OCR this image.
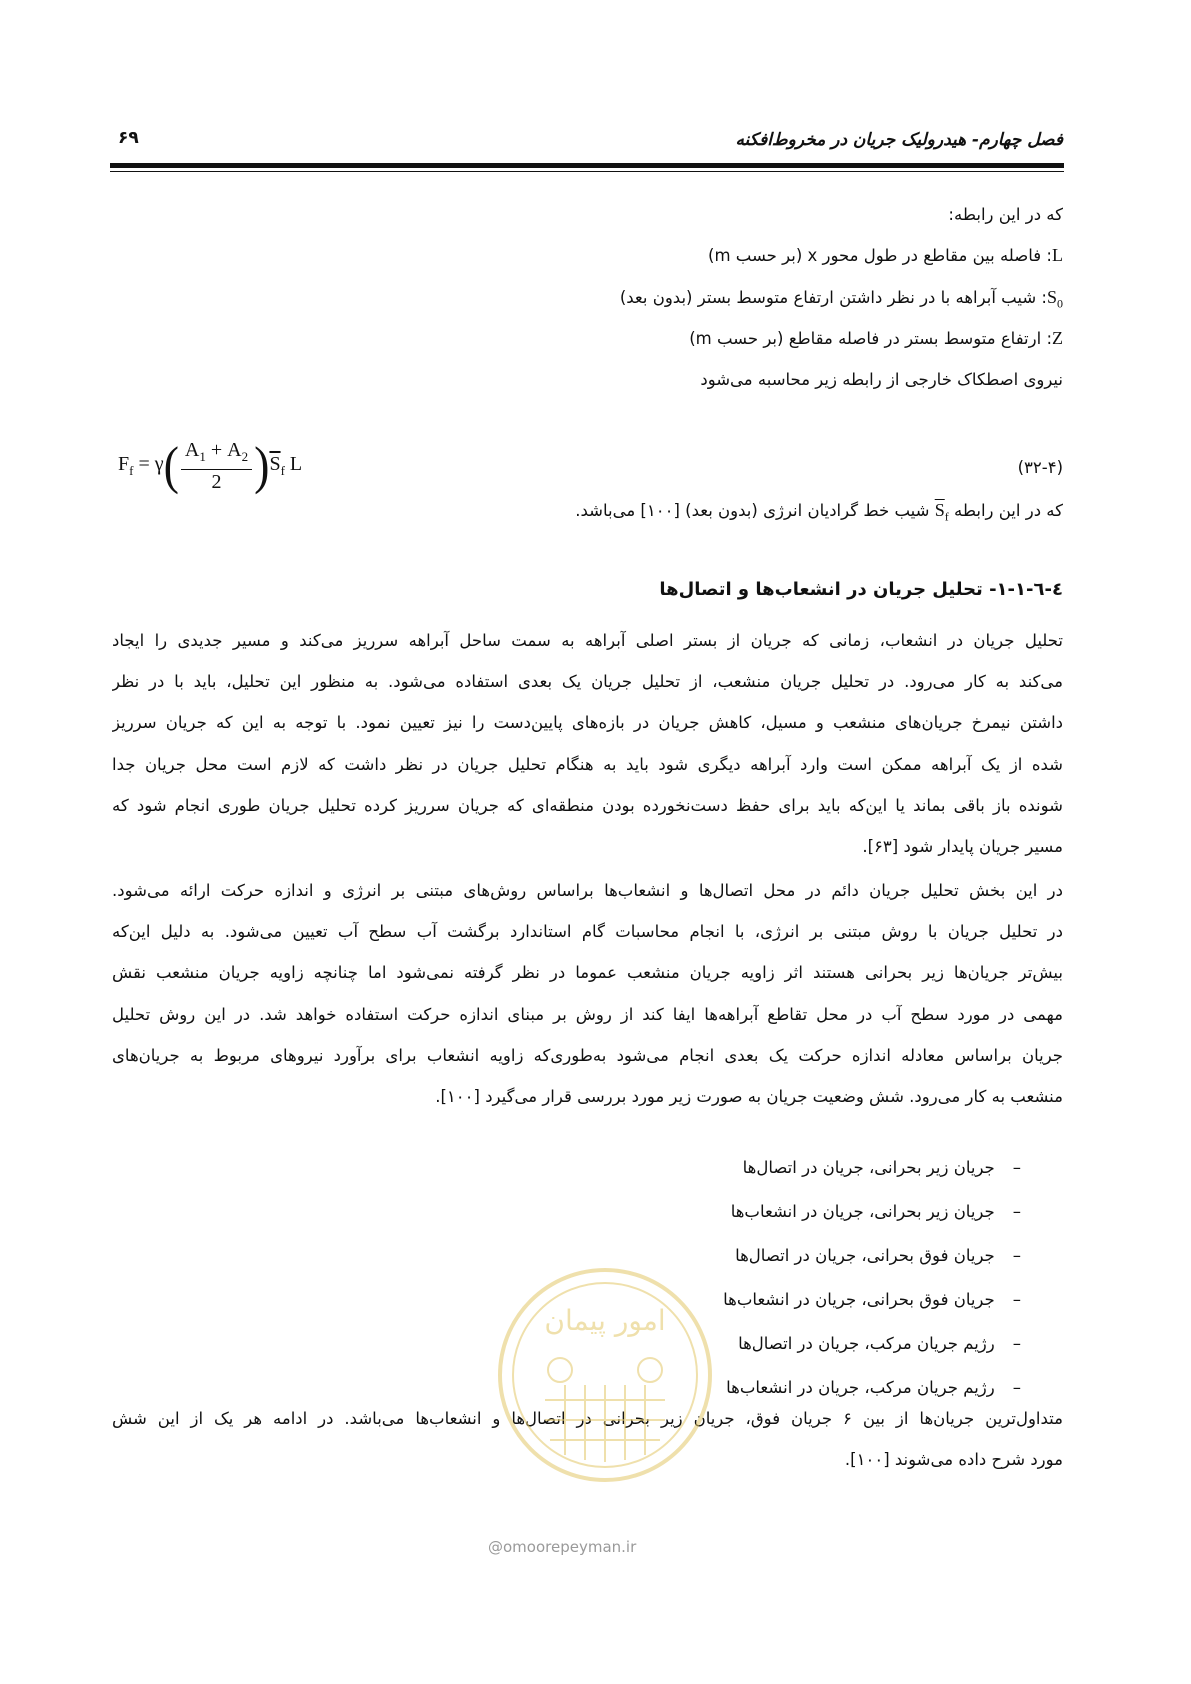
فصل چهارم- هیدرولیک جریان در مخروط‌افکنه
۶۹
که در این رابطه:
L: فاصله بین مقاطع در طول محور x (بر حسب m)
$S_0$: شیب آبراهه با در نظر داشتن ارتفاع متوسط بستر (بدون بعد)
Z: ارتفاع متوسط بستر در فاصله مقاطع (بر حسب m)
نیروی اصطکاک خارجی از رابطه زیر محاسبه می‌شود
$F_f = \gamma$ ( $\frac{A_1 + A_2}{2}$ ) $\overline{S}_f$ L	(۳۲-۴)
که در این رابطه $S_f$ شیب خط گرادیان انرژی (بدون بعد) [۱۰۰] می‌باشد.
٤-٦-١-١- تحلیل جریان در انشعاب‌ها و اتصال‌ها
تحلیل جریان در انشعاب، زمانی که جریان از بستر اصلی آبراهه به سمت ساحل آبراهه سرریز می‌کند و مسیر جدیدی را ایجاد
می‌کند به کار می‌رود. در تحلیل جریان منشعب، از تحلیل جریان یک بعدی استفاده می‌شود. به منظور این تحلیل، باید با در نظر
داشتن نیمرخ جریان‌های منشعب و مسیل، کاهش جریان در بازه‌های پایین‌دست را نیز تعیین نمود. با توجه به این که جریان سرریز
شده از یک آبراهه ممکن است وارد آبراهه دیگری شود باید به هنگام تحلیل جریان در نظر داشت که لازم است محل جریان جدا
شونده باز باقی بماند یا این‌که باید برای حفظ دست‌نخورده بودن منطقه‌ای که جریان سرریز کرده تحلیل جریان طوری انجام شود که
مسیر جریان پایدار شود [۶۳].
در این بخش تحلیل جریان دائم در محل اتصال‌ها و انشعاب‌ها براساس روش‌های مبتنی بر انرژی و اندازه حرکت ارائه می‌شود.
در تحلیل جریان با روش مبتنی بر انرژی، با انجام محاسبات گام استاندارد برگشت آب سطح آب تعیین می‌شود. به دلیل این‌که
بیش‌تر جریان‌ها زیر بحرانی هستند اثر زاویه جریان منشعب عموما در نظر گرفته نمی‌شود اما چنانچه زاویه جریان منشعب نقش
مهمی در مورد سطح آب در محل تقاطع آبراهه‌ها ایفا کند از روش بر مبنای اندازه حرکت استفاده خواهد شد. در این روش تحلیل
جریان براساس معادله اندازه حرکت یک بعدی انجام می‌شود به‌طوری‌که زاویه انشعاب برای برآورد نیروهای مربوط به جریان‌های
منشعب به کار می‌رود. شش وضعیت جریان به صورت زیر مورد بررسی قرار می‌گیرد [۱۰۰].
–
جریان زیر بحرانی، جریان در اتصال‌ها
–
جریان زیر بحرانی، جریان در انشعاب‌ها
–
جریان فوق بحرانی، جریان در اتصال‌ها
–
جریان فوق بحرانی، جریان در انشعاب‌ها
–
رژیم جریان مرکب، جریان در اتصال‌ها
–
رژیم جریان مرکب، جریان در انشعاب‌ها
متداول‌ترین جریان‌ها از بین ۶ جریان فوق، جریان زیر بحرانی در اتصال‌ها و انشعاب‌ها می‌باشد. در ادامه هر یک از این شش
مورد شرح داده می‌شوند [۱۰۰].
امور پیمان
@omoorepeyman.ir
